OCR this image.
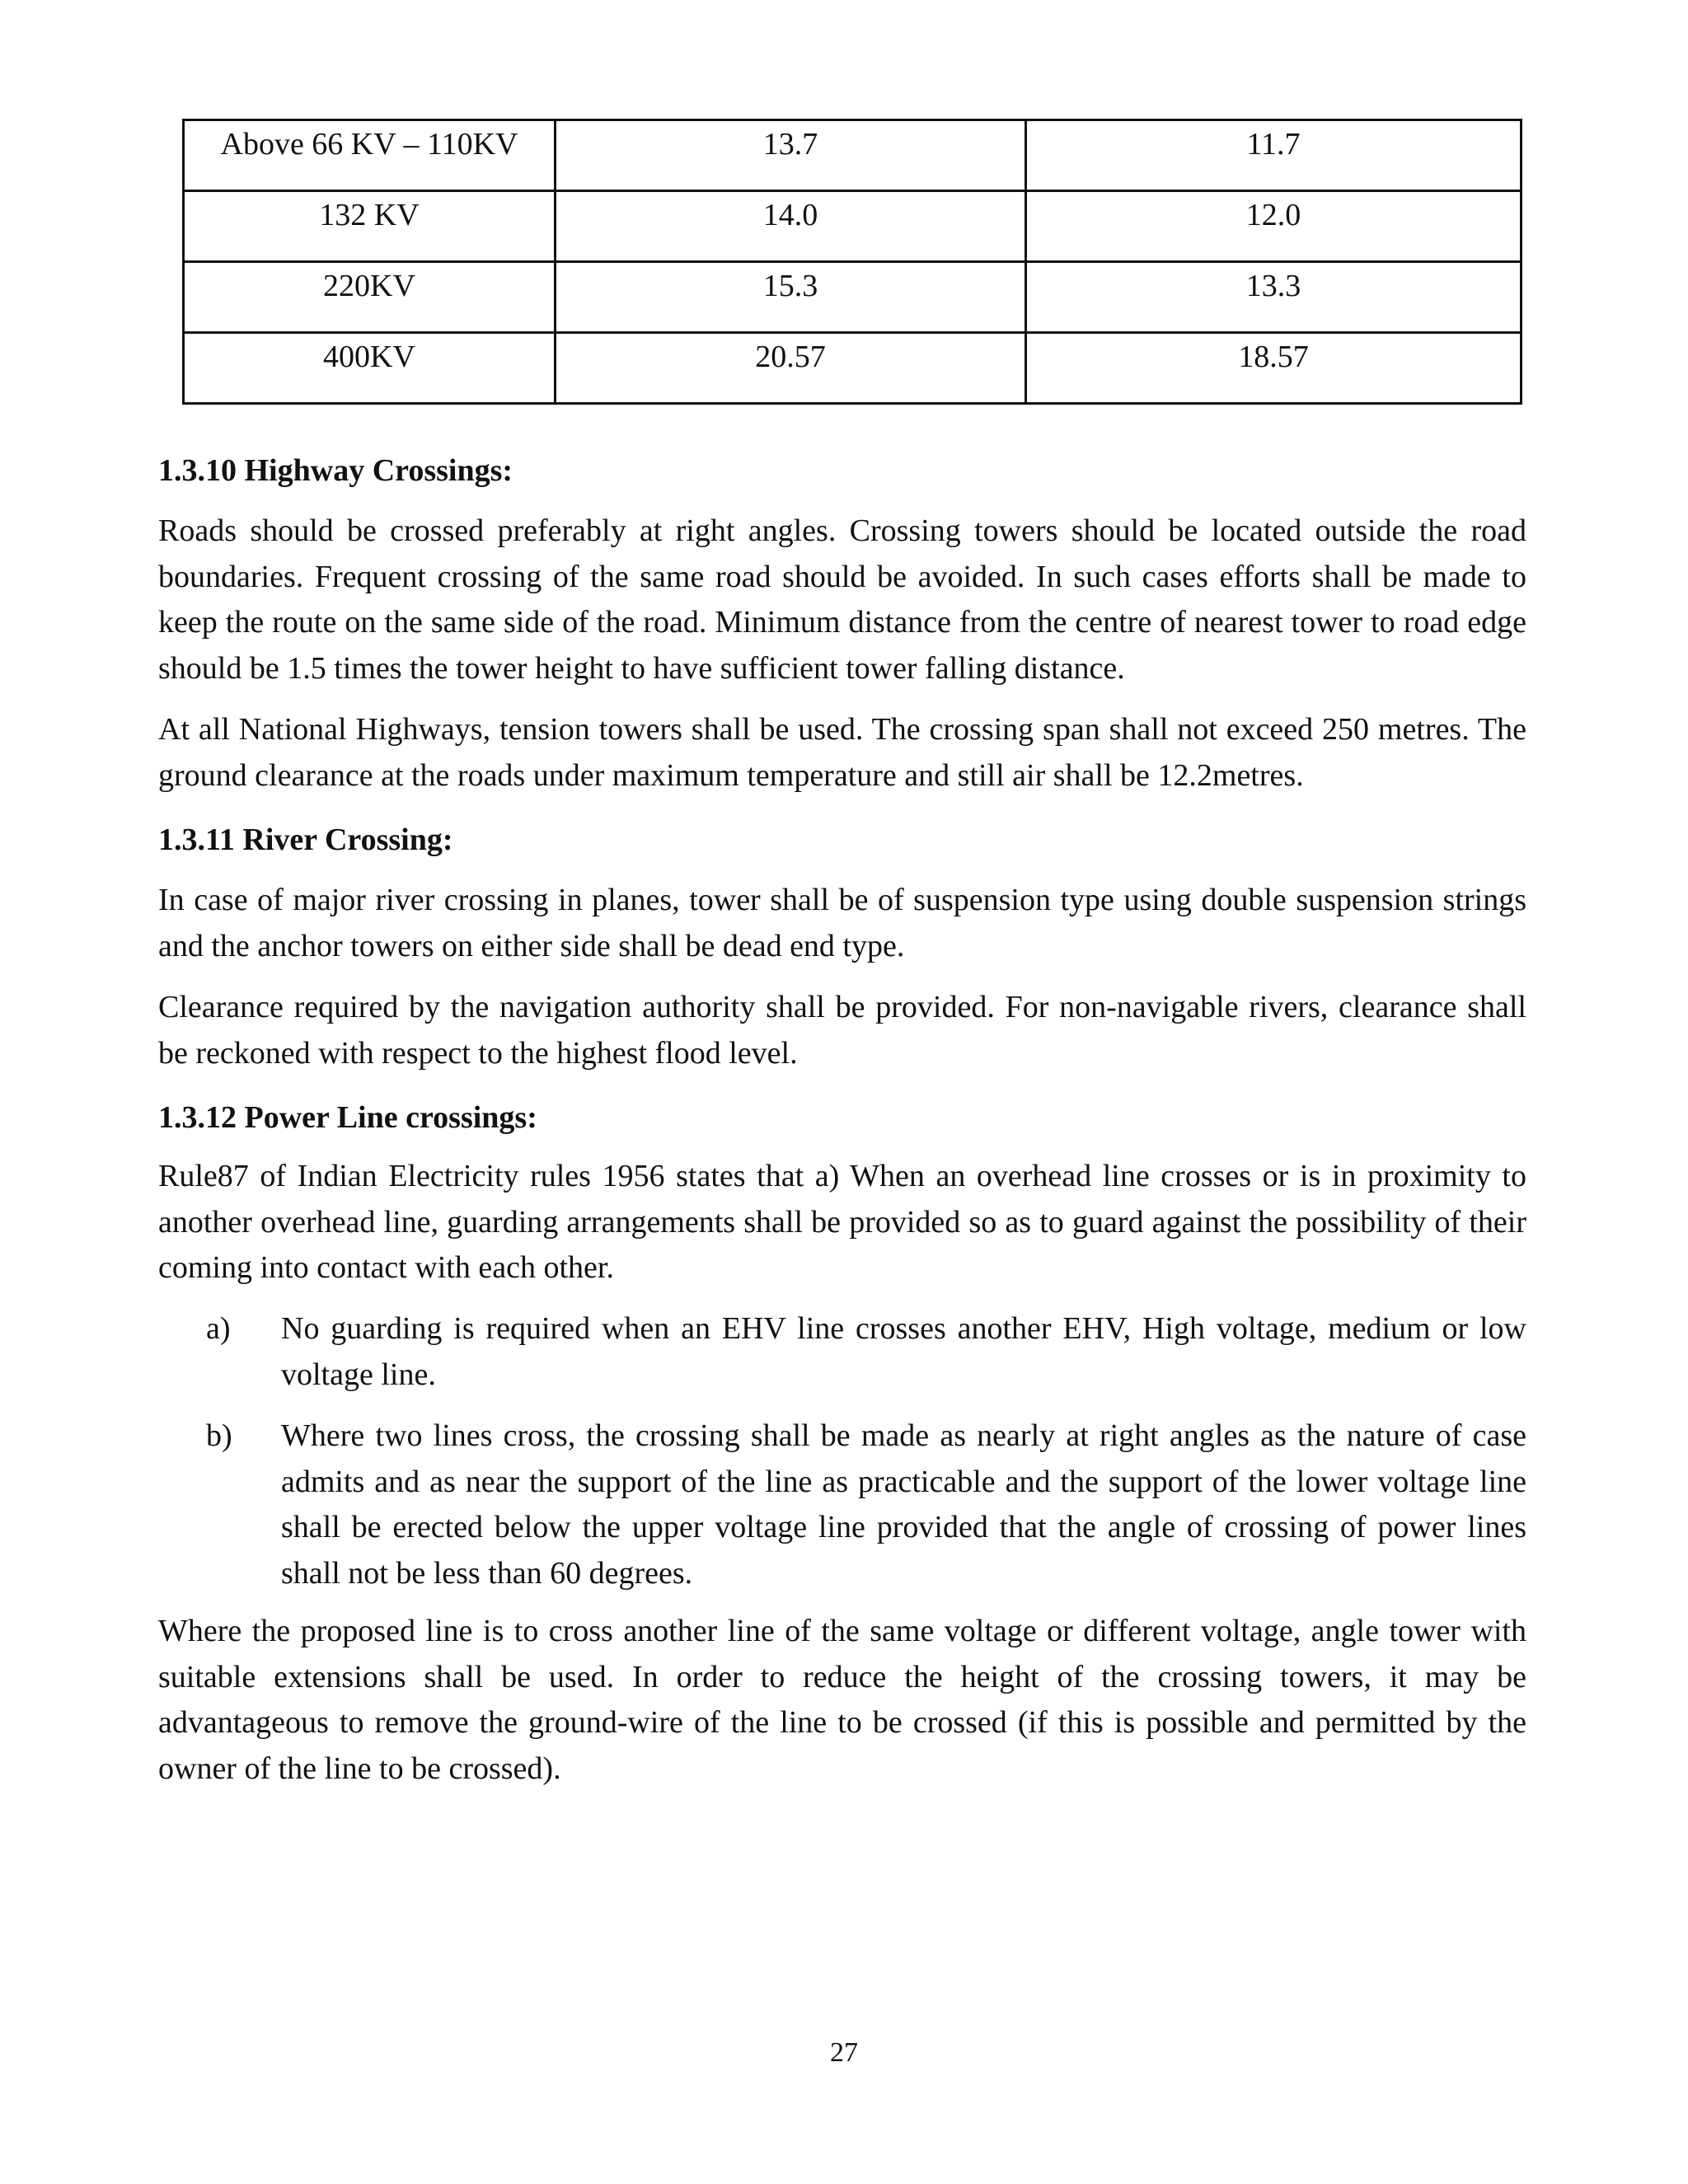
Above 66 KV – 110KV	13.7	11.7
132 KV	14.0	12.0
220KV	15.3	13.3
400KV	20.57	18.57
1.3.10 Highway Crossings:
Roads should be crossed preferably at right angles. Crossing towers should be located outside the road boundaries. Frequent crossing of the same road should be avoided. In such cases efforts shall be made to keep the route on the same side of the road. Minimum distance from the centre of nearest tower to road edge should be 1.5 times the tower height to have sufficient tower falling distance.
At all National Highways, tension towers shall be used. The crossing span shall not exceed 250 metres. The ground clearance at the roads under maximum temperature and still air shall be 12.2metres.
1.3.11 River Crossing:
In case of major river crossing in planes, tower shall be of suspension type using double suspension strings and the anchor towers on either side shall be dead end type.
Clearance required by the navigation authority shall be provided. For non-navigable rivers, clearance shall be reckoned with respect to the highest flood level.
1.3.12 Power Line crossings:
Rule87 of Indian Electricity rules 1956 states that a) When an overhead line crosses or is in proximity to another overhead line, guarding arrangements shall be provided so as to guard against the possibility of their coming into contact with each other.
a) No guarding is required when an EHV line crosses another EHV, High voltage, medium or low voltage line.
b) Where two lines cross, the crossing shall be made as nearly at right angles as the nature of case admits and as near the support of the line as practicable and the support of the lower voltage line shall be erected below the upper voltage line provided that the angle of crossing of power lines shall not be less than 60 degrees.
Where the proposed line is to cross another line of the same voltage or different voltage, angle tower with suitable extensions shall be used. In order to reduce the height of the crossing towers, it may be advantageous to remove the ground-wire of the line to be crossed (if this is possible and permitted by the owner of the line to be crossed).
27
